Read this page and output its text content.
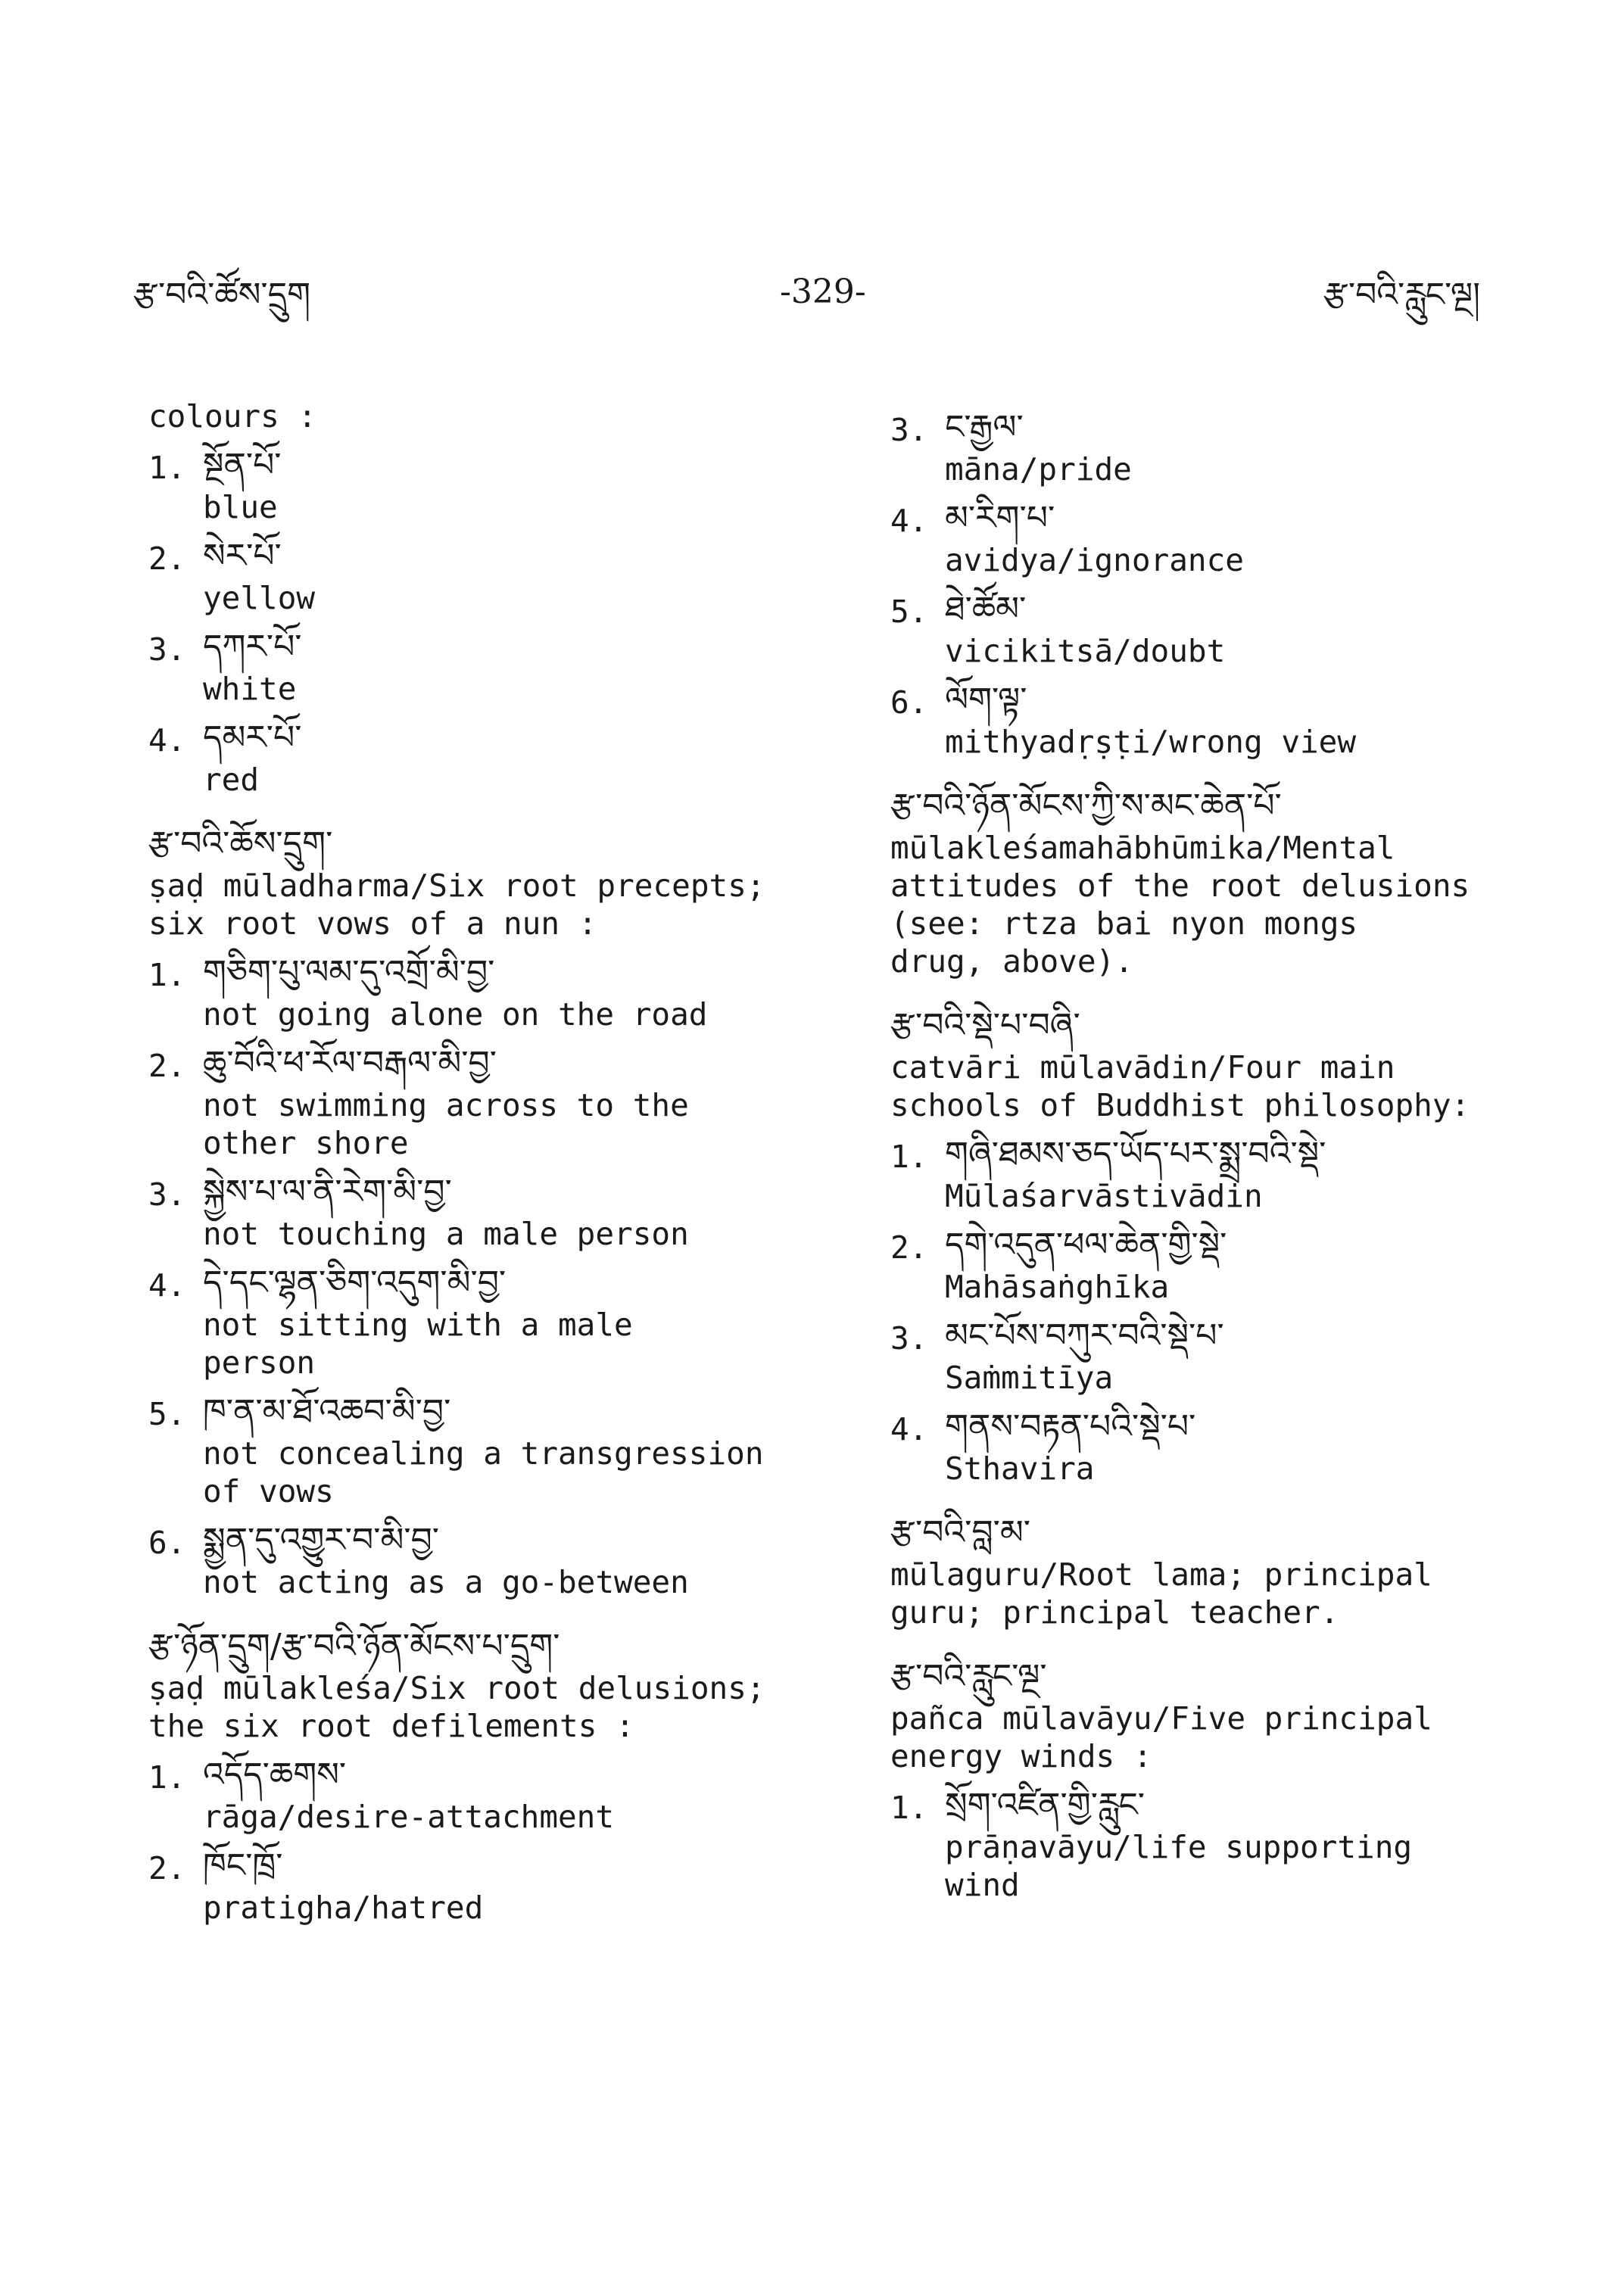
རྩ་བའི་ཚོས་དྲུག	-329-	རྩ་བའི་རླུང་ལྔ།
colours :
1. སྔོན་པོ་
blue
2. སེར་པོ་
yellow
3. དཀར་པོ་
white
4. དམར་པོ་
red
རྩ་བའི་ཆོས་དྲུག་
ṣaḍ mūladharma/Six root precepts;
six root vows of a nun :
1. གཅིག་པུ་ལམ་དུ་འགྲོ་མི་བྱ་
not going alone on the road
2. ཆུ་བོའི་ཕ་རོལ་བརྒལ་མི་བྱ་
not swimming across to the
other shore
3. སྐྱེས་པ་ལ་ནི་རེག་མི་བྱ་
not touching a male person
4. དེ་དང་ལྷན་ཅིག་འདུག་མི་བྱ་
not sitting with a male
person
5. ཁ་ན་མ་ཐོ་འཆབ་མི་བྱ་
not concealing a transgression
of vows
6. སྨྱན་དུ་འགྱུར་བ་མི་བྱ་
not acting as a go-between
རྩ་ཉོན་དྲུག/རྩ་བའི་ཉོན་མོངས་པ་དྲུག་
ṣaḍ mūlakleśa/Six root delusions;
the six root defilements :
1. འདོད་ཆགས་
rāga/desire-attachment
2. ཁོང་ཁྲོ་
pratigha/hatred
3. ང་རྒྱལ་
māna/pride
4. མ་རིག་པ་
avidya/ignorance
5. ཐེ་ཚོམ་
vicikitsā/doubt
6. ལོག་ལྟ་
mithyadṛṣṭi/wrong view
རྩ་བའི་ཉོན་མོངས་ཀྱི་ས་མང་ཆེན་པོ་
mūlakleśamahābhūmika/Mental
attitudes of the root delusions
(see: rtza bai nyon mongs
drug, above).
རྩ་བའི་སྡེ་པ་བཞི་
catvāri mūlavādin/Four main
schools of Buddhist philosophy:
1. གཞི་ཐམས་ཅད་ཡོད་པར་སྨྲ་བའི་སྡེ་
Mūlaśarvāstivādin
2. དགེ་འདུན་ཕལ་ཆེན་གྱི་སྡེ་
Mahāsaṅghīka
3. མང་པོས་བཀུར་བའི་སྡེ་པ་
Saṁmitīya
4. གནས་བརྟན་པའི་སྡེ་པ་
Sthavira
རྩ་བའི་བླ་མ་
mūlaguru/Root lama; principal
guru; principal teacher.
རྩ་བའི་རླུང་ལྔ་
pañca mūlavāyu/Five principal
energy winds :
1. སྲོག་འཛིན་གྱི་རླུང་
prāṇavāyu/life supporting
wind
